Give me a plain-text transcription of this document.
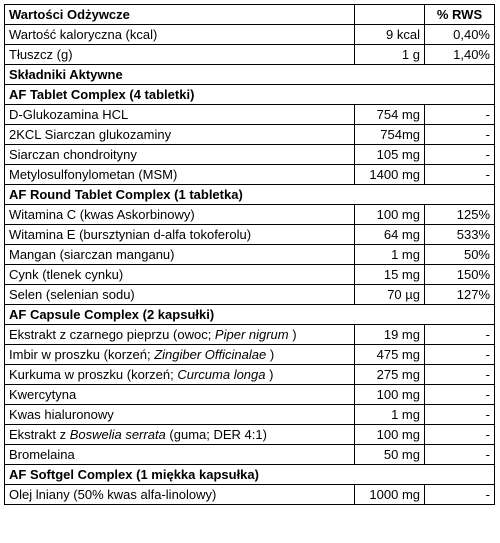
Wartości Odżywcze		% RWS
Wartość kaloryczna (kcal)	9 kcal	0,40%
Tłuszcz (g)	1 g	1,40%
Składniki Aktywne		
AF Tablet Complex (4 tabletki)		
D-Glukozamina HCL	754 mg	-
2KCL Siarczan glukozaminy	754mg	-
Siarczan chondroityny	105 mg	-
Metylosulfonylometan (MSM)	1400 mg	-
AF Round Tablet Complex (1 tabletka)		
Witamina C (kwas Askorbinowy)	100 mg	125%
Witamina E (bursztynian d-alfa tokoferolu)	64 mg	533%
Mangan (siarczan manganu)	1 mg	50%
Cynk (tlenek cynku)	15 mg	150%
Selen (selenian sodu)	70 µg	127%
AF Capsule Complex (2 kapsułki)		
Ekstrakt z czarnego pieprzu (owoc; Piper nigrum )	19 mg	-
Imbir w proszku (korzeń; Zingiber Officinalae )	475 mg	-
Kurkuma w proszku (korzeń; Curcuma longa )	275 mg	-
Kwercytyna	100 mg	-
Kwas hialuronowy	1 mg	-
Ekstrakt z Boswelia serrata (guma; DER 4:1)	100 mg	-
Bromelaina	50 mg	-
AF Softgel Complex (1 miękka kapsułka)		
Olej lniany (50% kwas alfa-linolowy)	1000 mg	-
